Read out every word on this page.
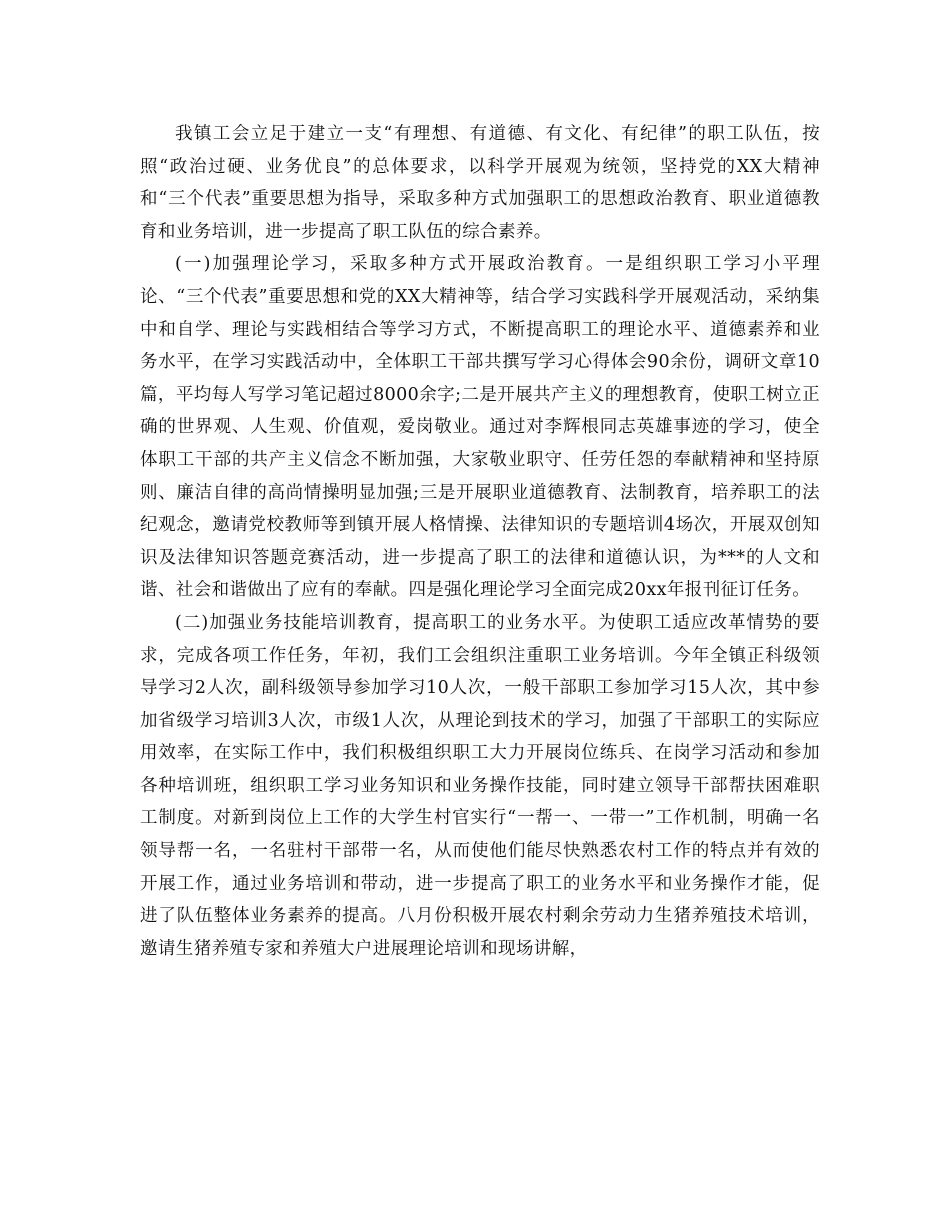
我镇工会立足于建立一支“有理想、有道德、有文化、有纪律”的职工队伍，按照“政治过硬、业务优良”的总体要求，以科学开展观为统领，坚持党的XX大精神和“三个代表”重要思想为指导，采取多种方式加强职工的思想政治教育、职业道德教育和业务培训，进一步提高了职工队伍的综合素养。

(一)加强理论学习，采取多种方式开展政治教育。一是组织职工学习小平理论、“三个代表”重要思想和党的XX大精神等，结合学习实践科学开展观活动，采纳集中和自学、理论与实践相结合等学习方式，不断提高职工的理论水平、道德素养和业务水平，在学习实践活动中，全体职工干部共撰写学习心得体会90余份，调研文章10篇，平均每人写学习笔记超过8000余字;二是开展共产主义的理想教育，使职工树立正确的世界观、人生观、价值观，爱岗敬业。通过对李辉根同志英雄事迹的学习，使全体职工干部的共产主义信念不断加强，大家敬业职守、任劳任怨的奉献精神和坚持原则、廉洁自律的高尚情操明显加强;三是开展职业道德教育、法制教育，培养职工的法纪观念，邀请党校教师等到镇开展人格情操、法律知识的专题培训4场次，开展双创知识及法律知识答题竞赛活动，进一步提高了职工的法律和道德认识，为***的人文和谐、社会和谐做出了应有的奉献。四是强化理论学习全面完成20xx年报刊征订任务。

(二)加强业务技能培训教育，提高职工的业务水平。为使职工适应改革情势的要求，完成各项工作任务，年初，我们工会组织注重职工业务培训。今年全镇正科级领导学习2人次，副科级领导参加学习10人次，一般干部职工参加学习15人次，其中参加省级学习培训3人次，市级1人次，从理论到技术的学习，加强了干部职工的实际应用效率，在实际工作中，我们积极组织职工大力开展岗位练兵、在岗学习活动和参加各种培训班，组织职工学习业务知识和业务操作技能，同时建立领导干部帮扶困难职工制度。对新到岗位上工作的大学生村官实行“一帮一、一带一”工作机制，明确一名领导帮一名，一名驻村干部带一名，从而使他们能尽快熟悉农村工作的特点并有效的开展工作，通过业务培训和带动，进一步提高了职工的业务水平和业务操作才能，促进了队伍整体业务素养的提高。八月份积极开展农村剩余劳动力生猪养殖技术培训，邀请生猪养殖专家和养殖大户进展理论培训和现场讲解，
